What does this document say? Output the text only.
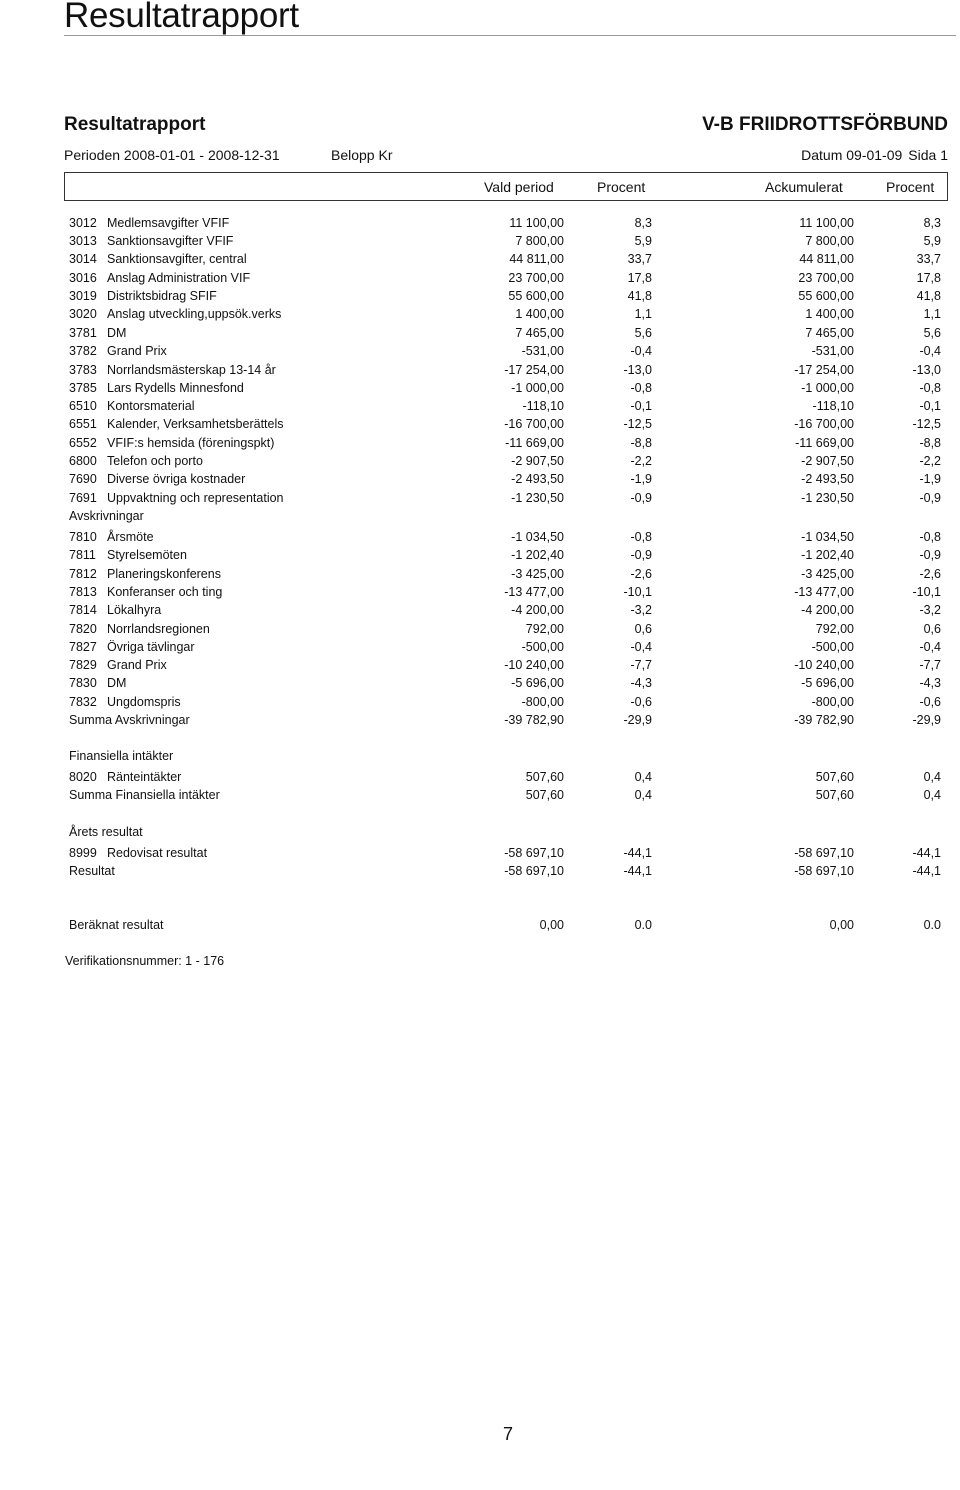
Resultatrapport
Resultatrapport	V-B FRIIDROTTSFÖRBUND
Perioden 2008-01-01 - 2008-12-31	Belopp Kr	Datum 09-01-09 Sida 1
Vald period	Procent	Ackumulerat	Procent
3012 Medlemsavgifter VFIF	11 100,00	8,3	11 100,00	8,3
3013 Sanktionsavgifter VFIF	7 800,00	5,9	7 800,00	5,9
3014 Sanktionsavgifter, central	44 811,00	33,7	44 811,00	33,7
3016 Anslag Administration VIF	23 700,00	17,8	23 700,00	17,8
3019 Distriktsbidrag SFIF	55 600,00	41,8	55 600,00	41,8
3020 Anslag utveckling,uppsök.verks	1 400,00	1,1	1 400,00	1,1
3781 DM	7 465,00	5,6	7 465,00	5,6
3782 Grand Prix	-531,00	-0,4	-531,00	-0,4
3783 Norrlandsmästerskap 13-14 år	-17 254,00	-13,0	-17 254,00	-13,0
3785 Lars Rydells Minnesfond	-1 000,00	-0,8	-1 000,00	-0,8
6510 Kontorsmaterial	-118,10	-0,1	-118,10	-0,1
6551 Kalender, Verksamhetsberättels	-16 700,00	-12,5	-16 700,00	-12,5
6552 VFIF:s hemsida (föreningspkt)	-11 669,00	-8,8	-11 669,00	-8,8
6800 Telefon och porto	-2 907,50	-2,2	-2 907,50	-2,2
7690 Diverse övriga kostnader	-2 493,50	-1,9	-2 493,50	-1,9
7691 Uppvaktning och representation	-1 230,50	-0,9	-1 230,50	-0,9
Avskrivningar
7810 Årsmöte	-1 034,50	-0,8	-1 034,50	-0,8
7811 Styrelsemöten	-1 202,40	-0,9	-1 202,40	-0,9
7812 Planeringskonferens	-3 425,00	-2,6	-3 425,00	-2,6
7813 Konferanser och ting	-13 477,00	-10,1	-13 477,00	-10,1
7814 Lökalhyra	-4 200,00	-3,2	-4 200,00	-3,2
7820 Norrlandsregionen	792,00	0,6	792,00	0,6
7827 Övriga tävlingar	-500,00	-0,4	-500,00	-0,4
7829 Grand Prix	-10 240,00	-7,7	-10 240,00	-7,7
7830 DM	-5 696,00	-4,3	-5 696,00	-4,3
7832 Ungdomspris	-800,00	-0,6	-800,00	-0,6
Summa Avskrivningar	-39 782,90	-29,9	-39 782,90	-29,9
Finansiella intäkter
8020 Ränteintäkter	507,60	0,4	507,60	0,4
Summa Finansiella intäkter	507,60	0,4	507,60	0,4
Årets resultat
8999 Redovisat resultat	-58 697,10	-44,1	-58 697,10	-44,1
Resultat	-58 697,10	-44,1	-58 697,10	-44,1
Beräknat resultat	0,00	0.0	0,00	0.0
Verifikationsnummer: 1 - 176
7
